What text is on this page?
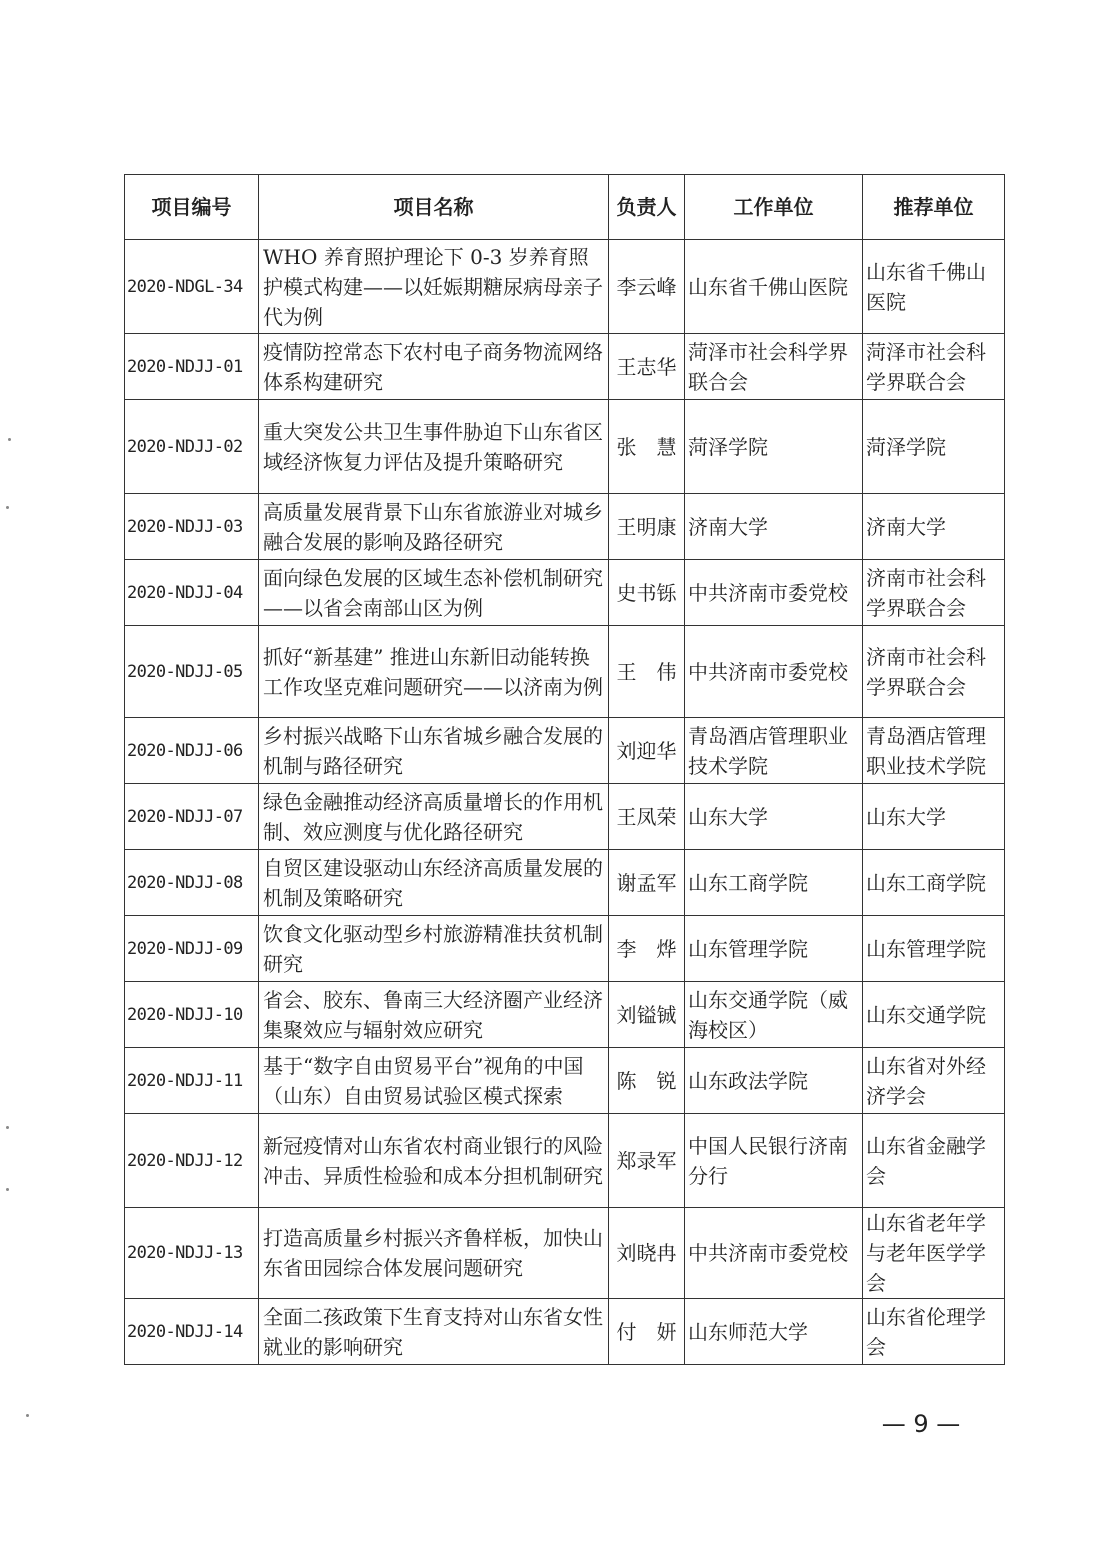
项目编号	项目名称	负责人	工作单位	推荐单位
2020-NDGL-34	WHO 养育照护理论下 0-3 岁养育照护模式构建——以妊娠期糖尿病母亲子代为例	李云峰	山东省千佛山医院	山东省千佛山医院
2020-NDJJ-01	疫情防控常态下农村电子商务物流网络体系构建研究	王志华	菏泽市社会科学界联合会	菏泽市社会科学界联合会
2020-NDJJ-02	重大突发公共卫生事件胁迫下山东省区域经济恢复力评估及提升策略研究	张　慧	菏泽学院	菏泽学院
2020-NDJJ-03	高质量发展背景下山东省旅游业对城乡融合发展的影响及路径研究	王明康	济南大学	济南大学
2020-NDJJ-04	面向绿色发展的区域生态补偿机制研究——以省会南部山区为例	史书铄	中共济南市委党校	济南市社会科学界联合会
2020-NDJJ-05	抓好“新基建” 推进山东新旧动能转换工作攻坚克难问题研究——以济南为例	王　伟	中共济南市委党校	济南市社会科学界联合会
2020-NDJJ-06	乡村振兴战略下山东省城乡融合发展的机制与路径研究	刘迎华	青岛酒店管理职业技术学院	青岛酒店管理职业技术学院
2020-NDJJ-07	绿色金融推动经济高质量增长的作用机制、效应测度与优化路径研究	王凤荣	山东大学	山东大学
2020-NDJJ-08	自贸区建设驱动山东经济高质量发展的机制及策略研究	谢孟军	山东工商学院	山东工商学院
2020-NDJJ-09	饮食文化驱动型乡村旅游精准扶贫机制研究	李　烨	山东管理学院	山东管理学院
2020-NDJJ-10	省会、胶东、鲁南三大经济圈产业经济集聚效应与辐射效应研究	刘镒铖	山东交通学院（威海校区）	山东交通学院
2020-NDJJ-11	基于“数字自由贸易平台”视角的中国（山东）自由贸易试验区模式探索	陈　锐	山东政法学院	山东省对外经济学会
2020-NDJJ-12	新冠疫情对山东省农村商业银行的风险冲击、异质性检验和成本分担机制研究	郑录军	中国人民银行济南分行	山东省金融学会
2020-NDJJ-13	打造高质量乡村振兴齐鲁样板，加快山东省田园综合体发展问题研究	刘晓冉	中共济南市委党校	山东省老年学与老年医学学会
2020-NDJJ-14	全面二孩政策下生育支持对山东省女性就业的影响研究	付　妍	山东师范大学	山东省伦理学会
— 9 —
